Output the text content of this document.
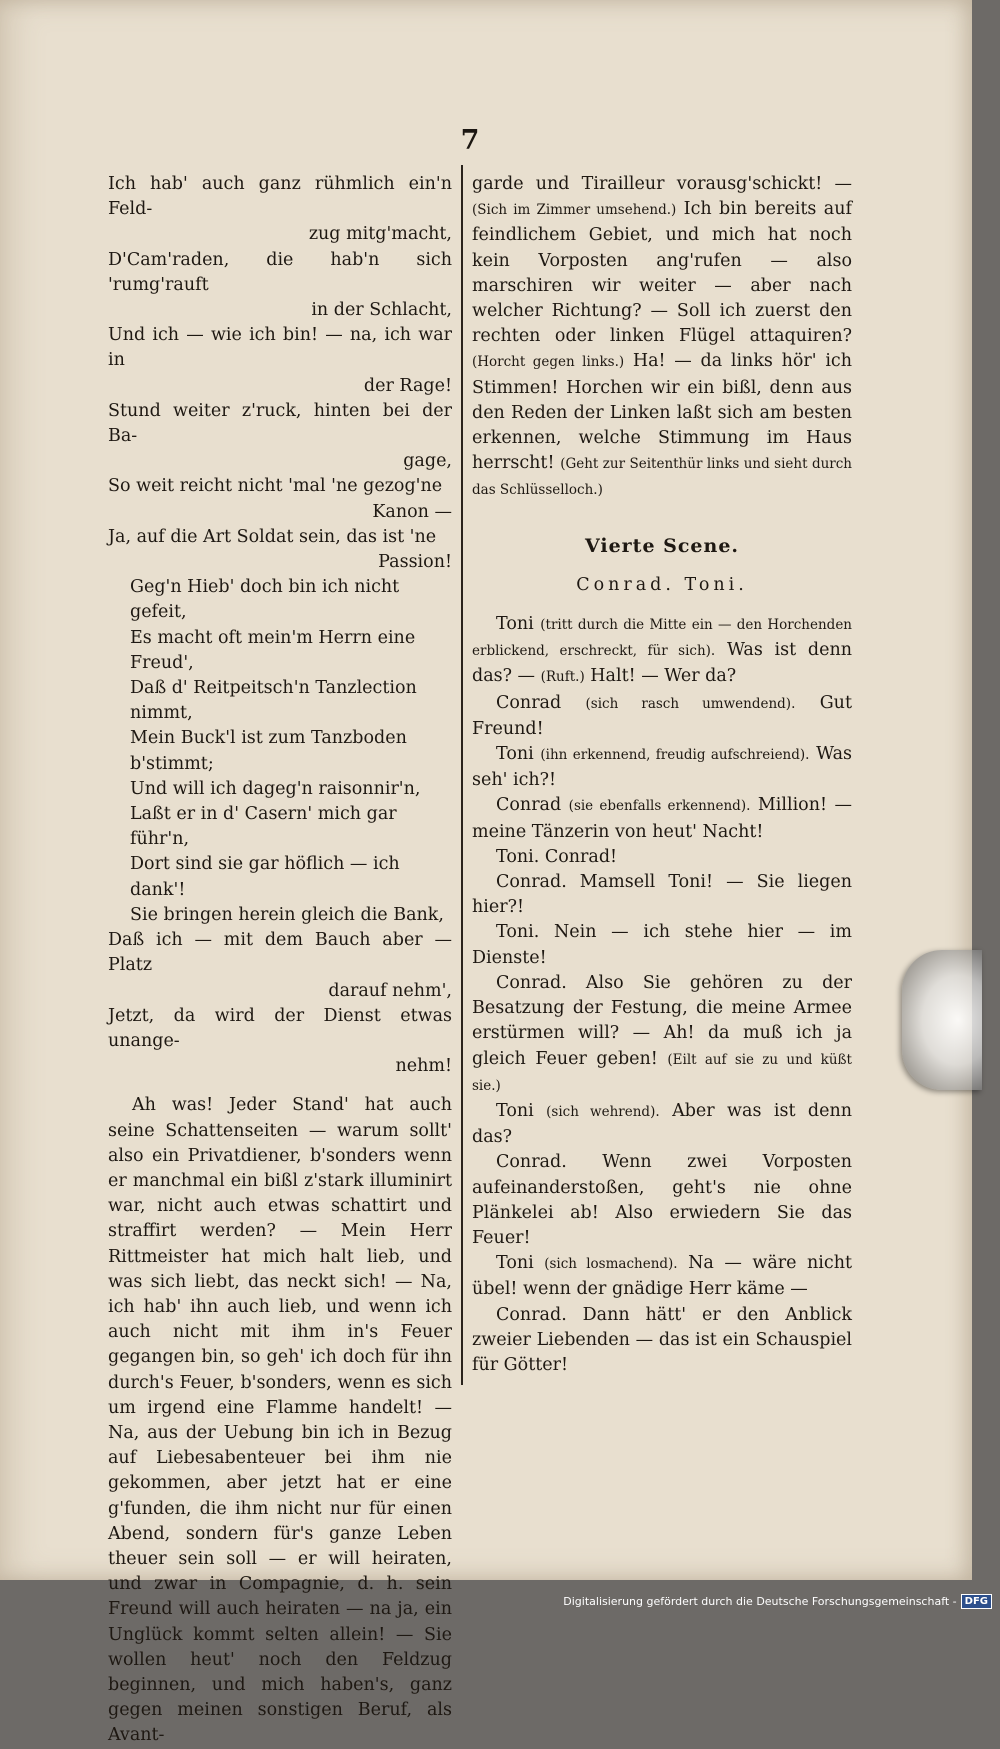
7

Ich hab' auch ganz rühmlich ein'n Feld-

zug mitg'macht,

D'Cam'raden, die hab'n sich 'rumg'rauft

in der Schlacht,

Und ich — wie ich bin! — na, ich war in

der Rage!

Stund weiter z'ruck, hinten bei der Ba-

gage,

So weit reicht nicht 'mal 'ne gezog'ne

Kanon —

Ja, auf die Art Soldat sein, das ist 'ne

Passion!

Geg'n Hieb' doch bin ich nicht gefeit,

Es macht oft mein'm Herrn eine Freud',

Daß d' Reitpeitsch'n Tanzlection nimmt,

Mein Buck'l ist zum Tanzboden b'stimmt;

Und will ich dageg'n raisonnir'n,

Laßt er in d' Casern' mich gar führ'n,

Dort sind sie gar höflich — ich dank'!

Sie bringen herein gleich die Bank,

Daß ich — mit dem Bauch aber — Platz

darauf nehm',

Jetzt, da wird der Dienst etwas unange-

nehm!

Ah was! Jeder Stand' hat auch seine Schattenseiten — warum sollt' also ein Privatdiener, b'sonders wenn er manchmal ein bißl z'stark illuminirt war, nicht auch etwas schattirt und straffirt werden? — Mein Herr Rittmeister hat mich halt lieb, und was sich liebt, das neckt sich! — Na, ich hab' ihn auch lieb, und wenn ich auch nicht mit ihm in's Feuer gegangen bin, so geh' ich doch für ihn durch's Feuer, b'sonders, wenn es sich um irgend eine Flamme handelt! — Na, aus der Uebung bin ich in Bezug auf Liebesabenteuer bei ihm nie gekommen, aber jetzt hat er eine g'funden, die ihm nicht nur für einen Abend, sondern für's ganze Leben theuer sein soll — er will heiraten, und zwar in Compagnie, d. h. sein Freund will auch heiraten — na ja, ein Unglück kommt selten allein! — Sie wollen heut' noch den Feldzug beginnen, und mich haben's, ganz gegen meinen sonstigen Beruf, als Avant-

garde und Tirailleur vorausg'schickt! — (Sich im Zimmer umsehend.) Ich bin bereits auf feindlichem Gebiet, und mich hat noch kein Vorposten ang'rufen — also marschiren wir weiter — aber nach welcher Richtung? — Soll ich zuerst den rechten oder linken Flügel attaquiren? (Horcht gegen links.) Ha! — da links hör' ich Stimmen! Horchen wir ein bißl, denn aus den Reden der Linken laßt sich am besten erkennen, welche Stimmung im Haus herrscht! (Geht zur Seitenthür links und sieht durch das Schlüsselloch.)

Vierte Scene.

Conrad. Toni.

Toni (tritt durch die Mitte ein — den Horchenden erblickend, erschreckt, für sich). Was ist denn das? — (Ruft.) Halt! — Wer da?

Conrad (sich rasch umwendend). Gut Freund!

Toni (ihn erkennend, freudig aufschreiend). Was seh' ich?!

Conrad (sie ebenfalls erkennend). Million! — meine Tänzerin von heut' Nacht!

Toni. Conrad!

Conrad. Mamsell Toni! — Sie liegen hier?!

Toni. Nein — ich stehe hier — im Dienste!

Conrad. Also Sie gehören zu der Besatzung der Festung, die meine Armee erstürmen will? — Ah! da muß ich ja gleich Feuer geben! (Eilt auf sie zu und küßt sie.)

Toni (sich wehrend). Aber was ist denn das?

Conrad. Wenn zwei Vorposten aufeinanderstoßen, geht's nie ohne Plänkelei ab! Also erwiedern Sie das Feuer!

Toni (sich losmachend). Na — wäre nicht übel! wenn der gnädige Herr käme —

Conrad. Dann hätt' er den Anblick zweier Liebenden — das ist ein Schauspiel für Götter!

Digitalisierung gefördert durch die Deutsche Forschungsgemeinschaft - DFG
